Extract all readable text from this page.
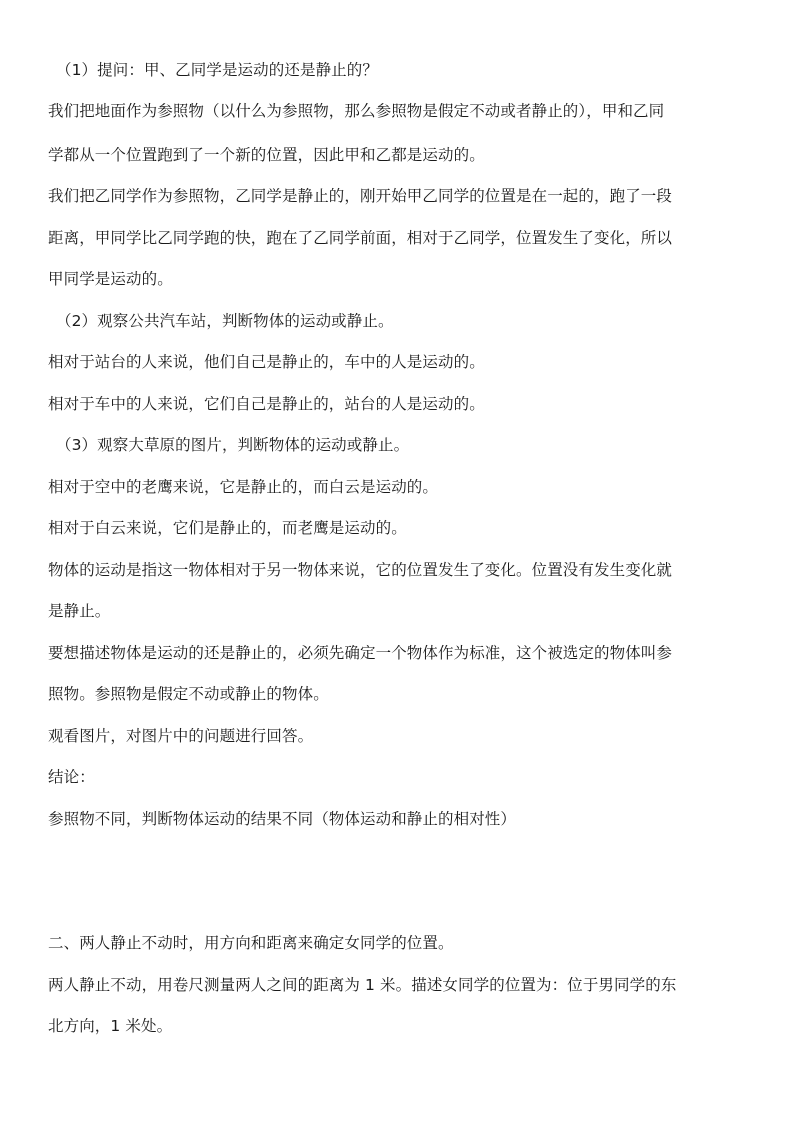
（1）提问：甲、乙同学是运动的还是静止的？
我们把地面作为参照物（以什么为参照物，那么参照物是假定不动或者静止的），甲和乙同
学都从一个位置跑到了一个新的位置，因此甲和乙都是运动的。
我们把乙同学作为参照物，乙同学是静止的，刚开始甲乙同学的位置是在一起的，跑了一段
距离，甲同学比乙同学跑的快，跑在了乙同学前面，相对于乙同学，位置发生了变化，所以
甲同学是运动的。
（2）观察公共汽车站，判断物体的运动或静止。
相对于站台的人来说，他们自己是静止的，车中的人是运动的。
相对于车中的人来说，它们自己是静止的，站台的人是运动的。
（3）观察大草原的图片，判断物体的运动或静止。
相对于空中的老鹰来说，它是静止的，而白云是运动的。
相对于白云来说，它们是静止的，而老鹰是运动的。
物体的运动是指这一物体相对于另一物体来说，它的位置发生了变化。位置没有发生变化就
是静止。
要想描述物体是运动的还是静止的，必须先确定一个物体作为标准，这个被选定的物体叫参
照物。参照物是假定不动或静止的物体。
观看图片，对图片中的问题进行回答。
结论：
参照物不同，判断物体运动的结果不同（物体运动和静止的相对性）
二、两人静止不动时，用方向和距离来确定女同学的位置。
两人静止不动，用卷尺测量两人之间的距离为 1 米。描述女同学的位置为：位于男同学的东
北方向，1 米处。
